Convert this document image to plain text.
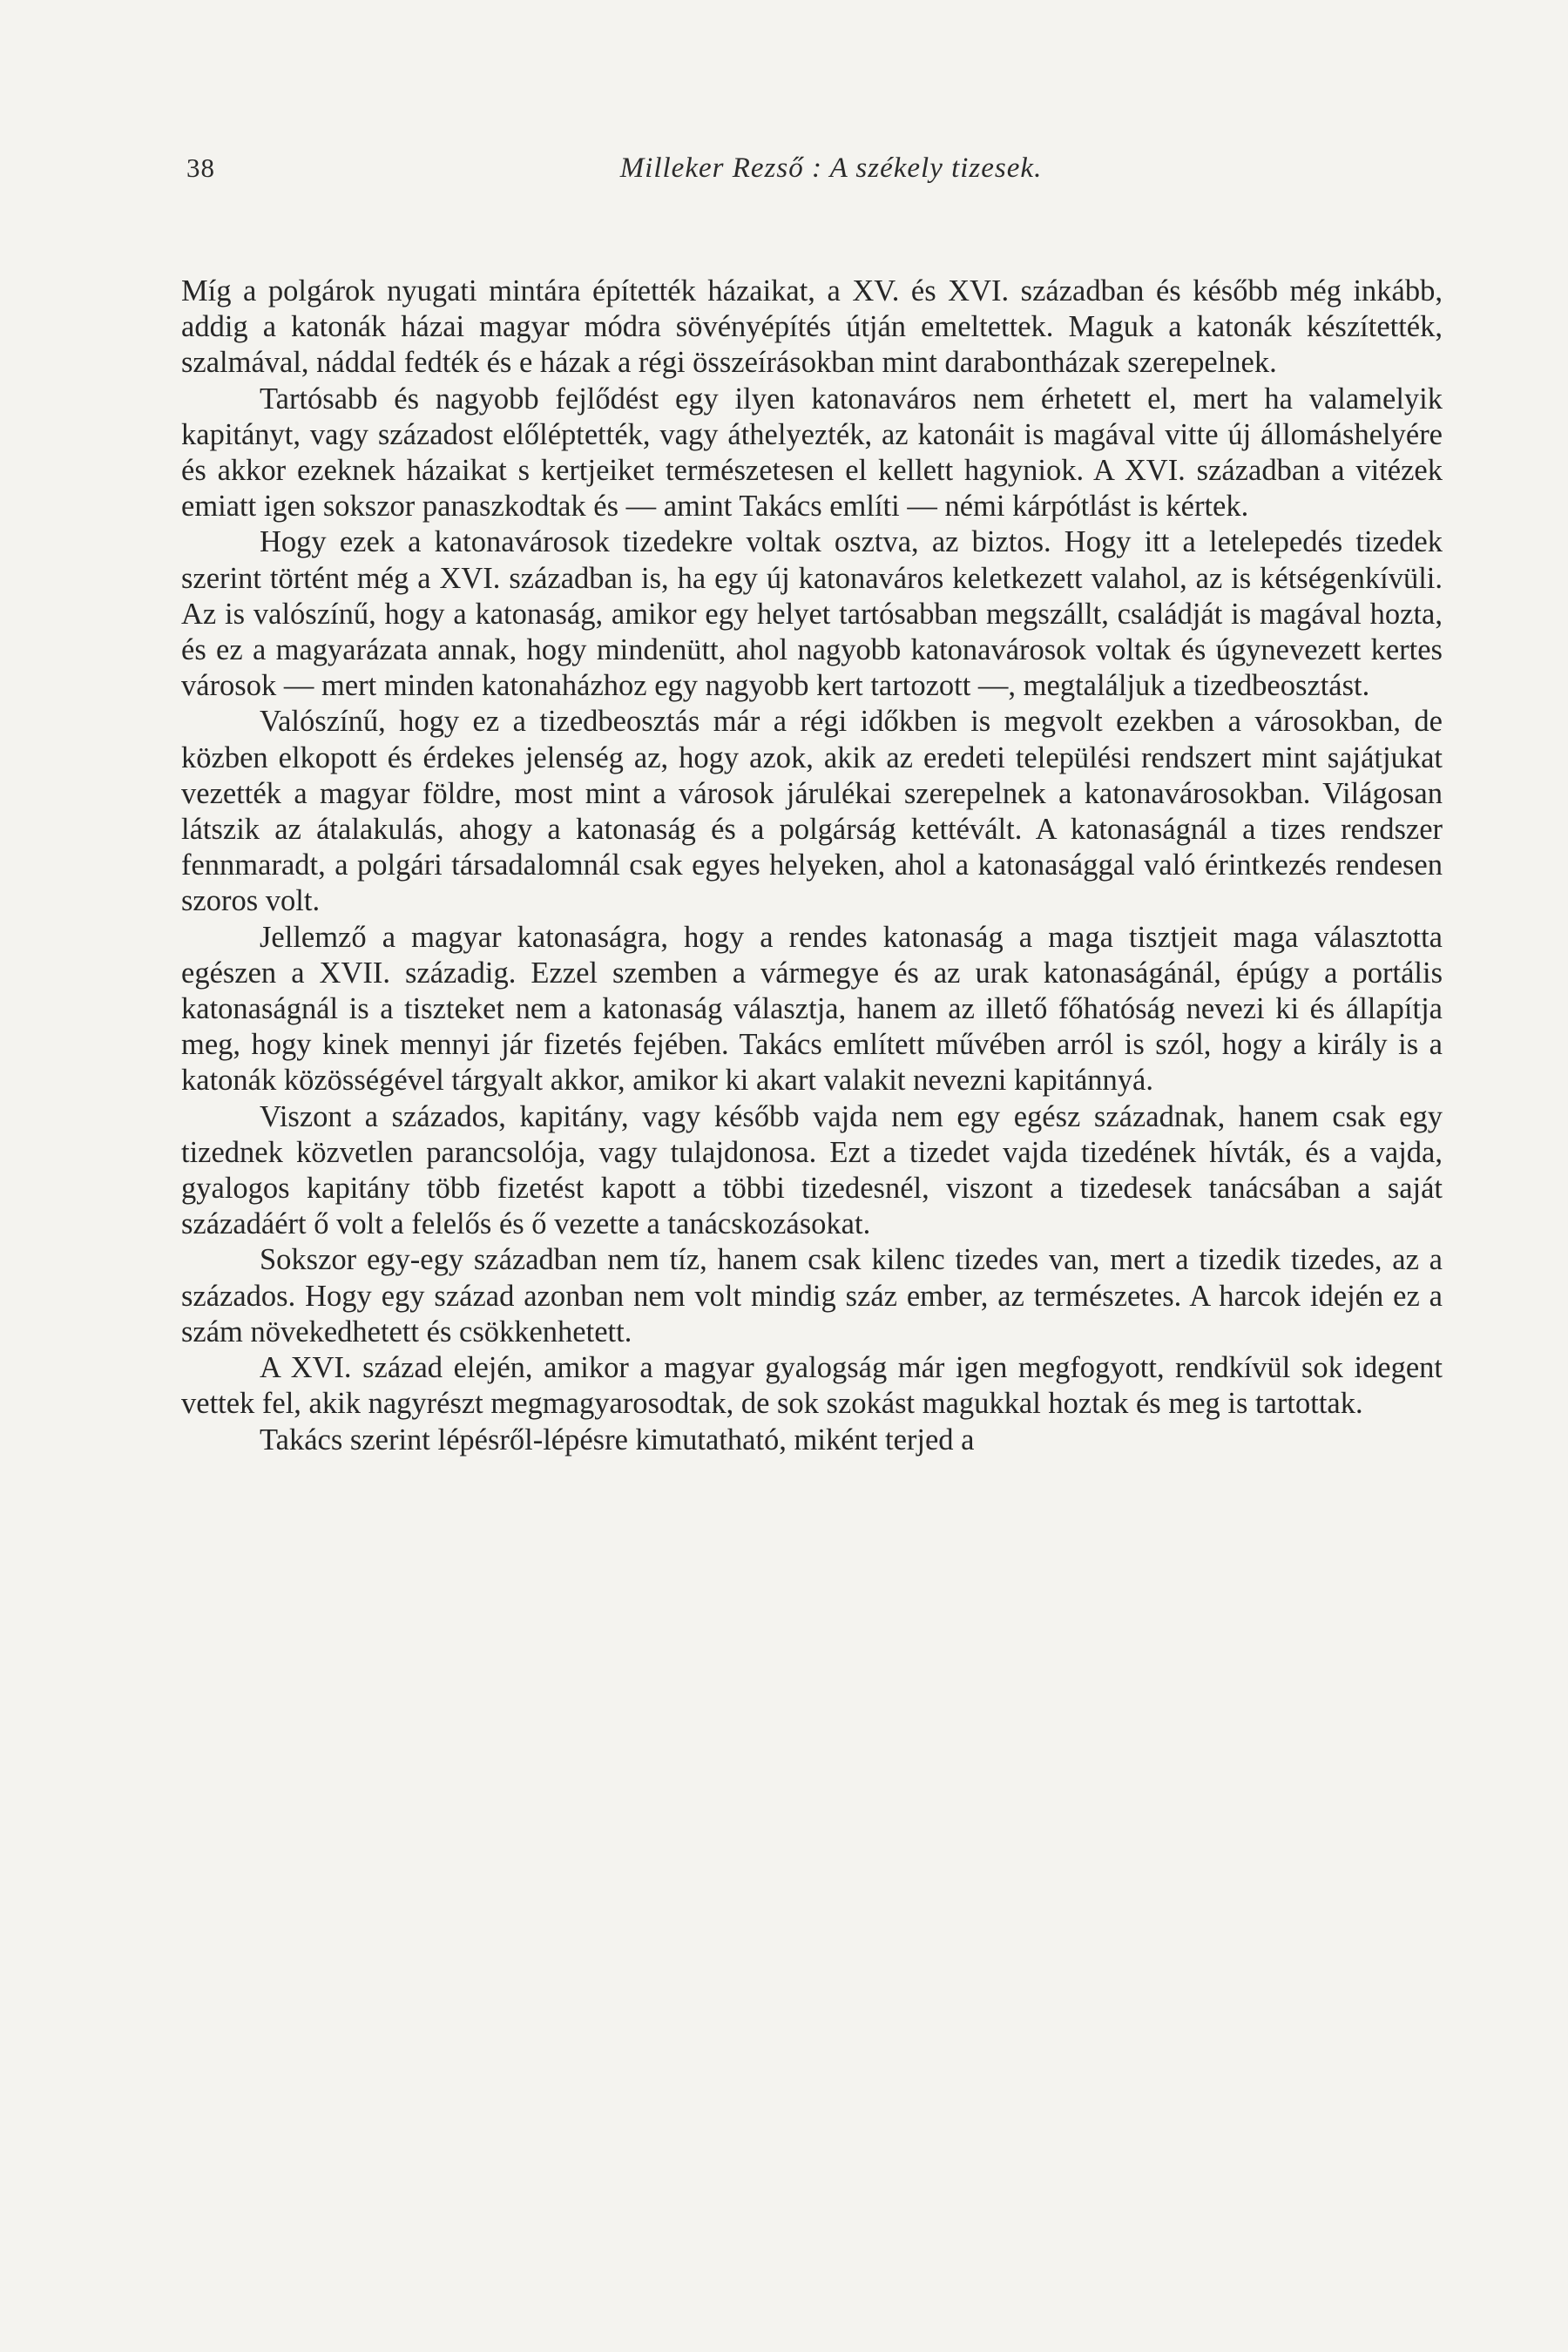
38	Milleker Rezső : A székely tizesek.

Míg a polgárok nyugati mintára építették házaikat, a XV. és XVI. században és később még inkább, addig a katonák házai magyar módra sövényépítés útján emeltettek. Maguk a katonák készítették, szalmával, náddal fedték és e házak a régi összeírásokban mint darabontházak szerepelnek.

Tartósabb és nagyobb fejlődést egy ilyen katonaváros nem érhetett el, mert ha valamelyik kapitányt, vagy századost előléptették, vagy áthelyezték, az katonáit is magával vitte új állomáshelyére és akkor ezeknek házaikat s kertjeiket természetesen el kellett hagyniok. A XVI. században a vitézek emiatt igen sokszor panaszkodtak és — amint Takács említi — némi kárpótlást is kértek.

Hogy ezek a katonavárosok tizedekre voltak osztva, az biztos. Hogy itt a letelepedés tizedek szerint történt még a XVI. században is, ha egy új katonaváros keletkezett valahol, az is kétségenkívüli. Az is valószínű, hogy a katonaság, amikor egy helyet tartósabban megszállt, családját is magával hozta, és ez a magyarázata annak, hogy mindenütt, ahol nagyobb katonavárosok voltak és úgynevezett kertes városok — mert minden katonaházhoz egy nagyobb kert tartozott —, megtaláljuk a tizedbeosztást.

Valószínű, hogy ez a tizedbeosztás már a régi időkben is megvolt ezekben a városokban, de közben elkopott és érdekes jelenség az, hogy azok, akik az eredeti települési rendszert mint sajátjukat vezették a magyar földre, most mint a városok járulékai szerepelnek a katonavárosokban. Világosan látszik az átalakulás, ahogy a katonaság és a polgárság kettévált. A katonaságnál a tizes rendszer fennmaradt, a polgári társadalomnál csak egyes helyeken, ahol a katonasággal való érintkezés rendesen szoros volt.

Jellemző a magyar katonaságra, hogy a rendes katonaság a maga tisztjeit maga választotta egészen a XVII. századig. Ezzel szemben a vármegye és az urak katonaságánál, épúgy a portális katonaságnál is a tiszteket nem a katonaság választja, hanem az illető főhatóság nevezi ki és állapítja meg, hogy kinek mennyi jár fizetés fejében. Takács említett művében arról is szól, hogy a király is a katonák közösségével tárgyalt akkor, amikor ki akart valakit nevezni kapitánnyá.

Viszont a százados, kapitány, vagy később vajda nem egy egész századnak, hanem csak egy tizednek közvetlen parancsolója, vagy tulajdonosa. Ezt a tizedet vajda tizedének hívták, és a vajda, gyalogos kapitány több fizetést kapott a többi tizedesnél, viszont a tizedesek tanácsában a saját századáért ő volt a felelős és ő vezette a tanácskozásokat.

Sokszor egy-egy században nem tíz, hanem csak kilenc tizedes van, mert a tizedik tizedes, az a százados. Hogy egy század azonban nem volt mindig száz ember, az természetes. A harcok idején ez a szám növekedhetett és csökkenhetett.

A XVI. század elején, amikor a magyar gyalogság már igen megfogyott, rendkívül sok idegent vettek fel, akik nagyrészt megmagyarosodtak, de sok szokást magukkal hoztak és meg is tartottak.

Takács szerint lépésről-lépésre kimutatható, miként terjed a
